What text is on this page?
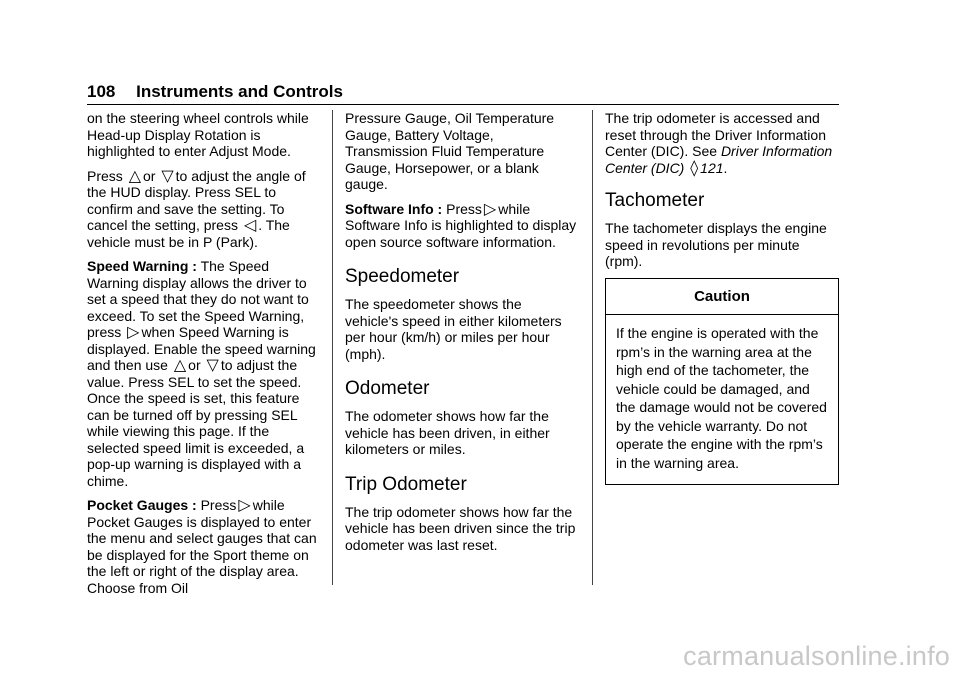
108 Instruments and Controls

on the steering wheel controls while Head-up Display Rotation is highlighted to enter Adjust Mode.

Press △ or ▽ to adjust the angle of the HUD display. Press SEL to confirm and save the setting. To cancel the setting, press ◁ . The vehicle must be in P (Park).

Speed Warning : The Speed Warning display allows the driver to set a speed that they do not want to exceed. To set the Speed Warning, press ▷ when Speed Warning is displayed. Enable the speed warning and then use △ or ▽ to adjust the value. Press SEL to set the speed. Once the speed is set, this feature can be turned off by pressing SEL while viewing this page. If the selected speed limit is exceeded, a pop-up warning is displayed with a chime.

Pocket Gauges : Press ▷ while Pocket Gauges is displayed to enter the menu and select gauges that can be displayed for the Sport theme on the left or right of the display area. Choose from Oil

Pressure Gauge, Oil Temperature Gauge, Battery Voltage, Transmission Fluid Temperature Gauge, Horsepower, or a blank gauge.

Software Info : Press ▷ while Software Info is highlighted to display open source software information.

Speedometer

The speedometer shows the vehicle's speed in either kilometers per hour (km/h) or miles per hour (mph).

Odometer

The odometer shows how far the vehicle has been driven, in either kilometers or miles.

Trip Odometer

The trip odometer shows how far the vehicle has been driven since the trip odometer was last reset.

The trip odometer is accessed and reset through the Driver Information Center (DIC). See Driver Information Center (DIC) ◊ 121.

Tachometer

The tachometer displays the engine speed in revolutions per minute (rpm).

Caution
If the engine is operated with the rpm’s in the warning area at the high end of the tachometer, the vehicle could be damaged, and the damage would not be covered by the vehicle warranty. Do not operate the engine with the rpm’s in the warning area.
carmanualsonline.info
